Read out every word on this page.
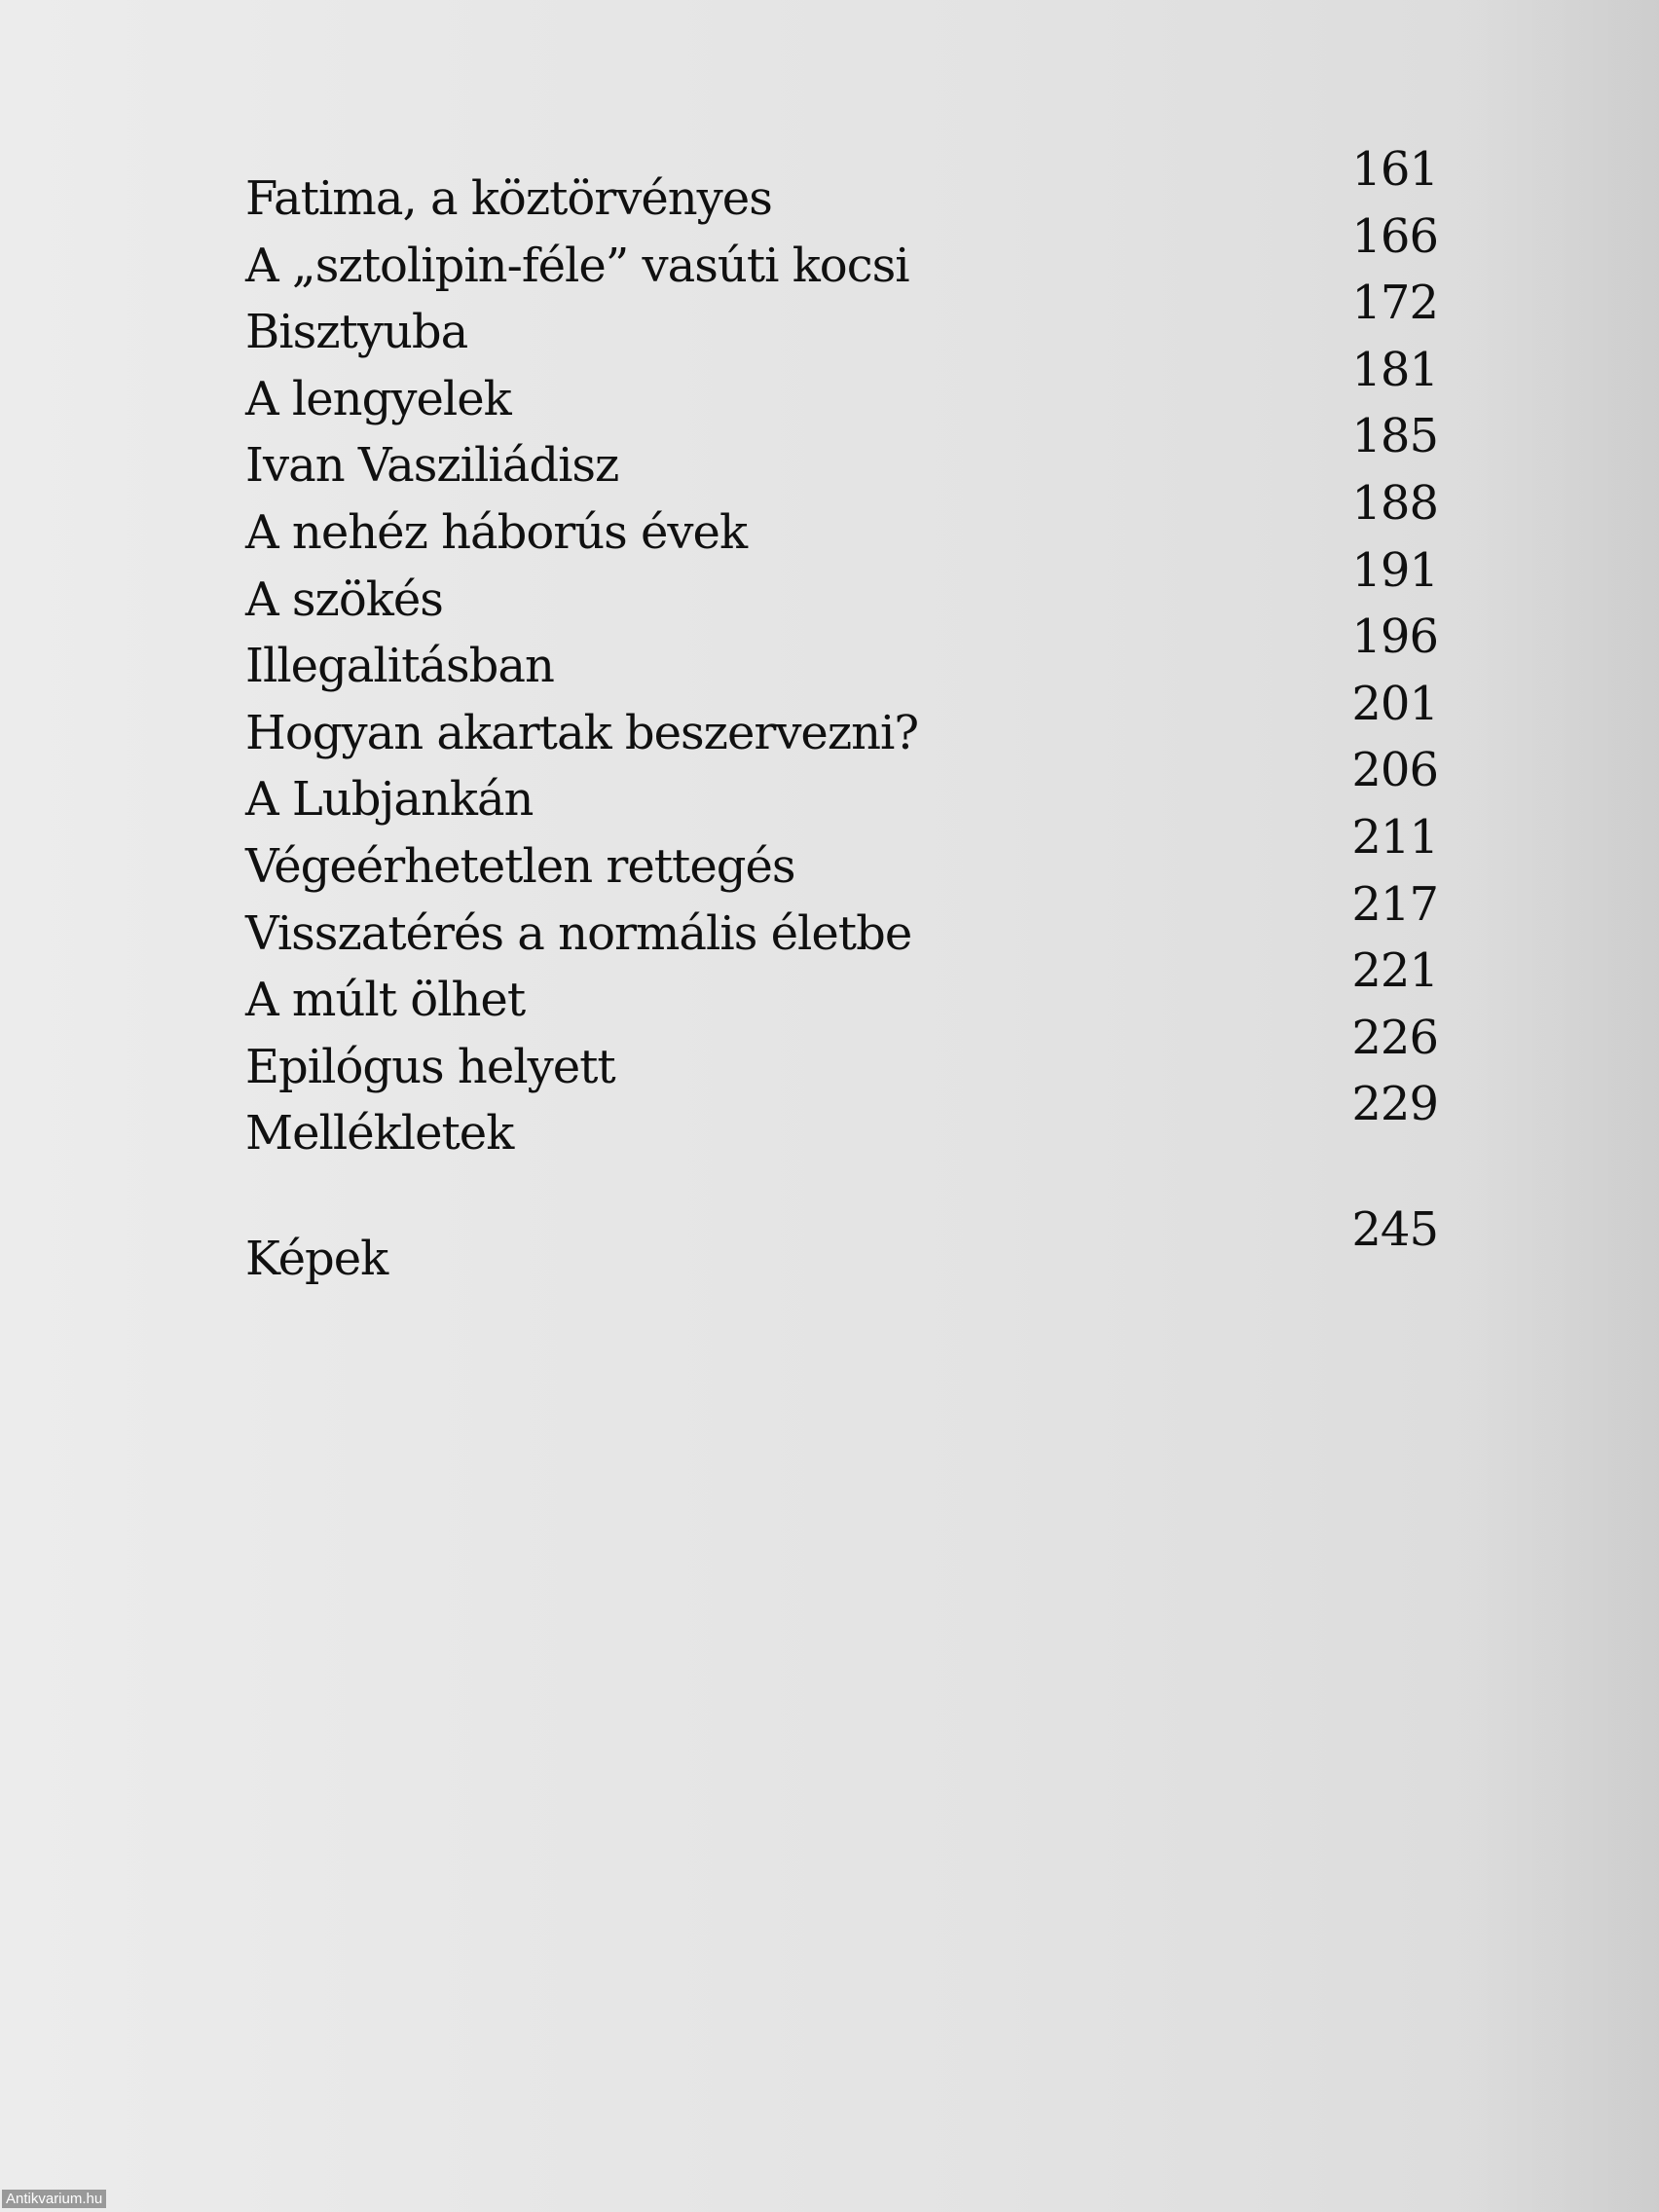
Fatima, a köztörvényes
161
A „sztolipin-féle” vasúti kocsi
166
Bisztyuba
172
A lengyelek
181
Ivan Vasziliádisz
185
A nehéz háborús évek
188
A szökés
191
Illegalitásban
196
Hogyan akartak beszervezni?
201
A Lubjankán
206
Végeérhetetlen rettegés
211
Visszatérés a normális életbe
217
A múlt ölhet
221
Epilógus helyett
226
Mellékletek
229
Képek
245
Antikvarium.hu
